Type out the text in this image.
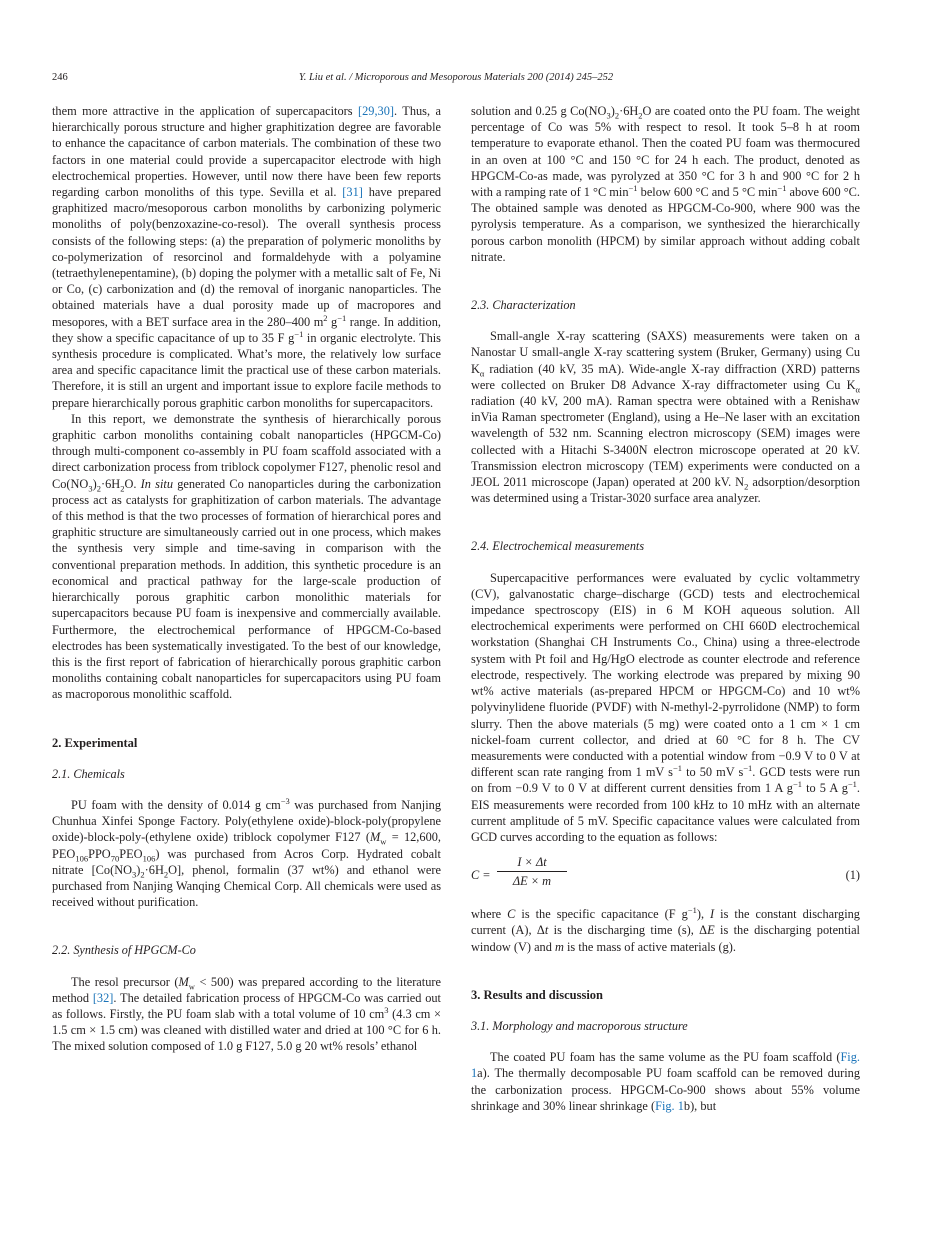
246	Y. Liu et al. / Microporous and Mesoporous Materials 200 (2014) 245–252

them more attractive in the application of supercapacitors [29,30]. Thus, a hierarchically porous structure and higher graphitization degree are favorable to enhance the capacitance of carbon materials. The combination of these two factors in one material could provide a supercapacitor electrode with high electrochemical properties. However, until now there have been few reports regarding carbon monoliths of this type. Sevilla et al. [31] have prepared graphitized macro/mesoporous carbon monoliths by carbonizing polymeric monoliths of poly(benzoxazine-co-resol). The overall synthesis process consists of the following steps: (a) the preparation of polymeric monoliths by co-polymerization of resorcinol and formaldehyde with a polyamine (tetraethylenepentamine), (b) doping the polymer with a metallic salt of Fe, Ni or Co, (c) carbonization and (d) the removal of inorganic nanoparticles. The obtained materials have a dual porosity made up of macropores and mesopores, with a BET surface area in the 280–400 $m^2$ $g^{-1}$ range. In addition, they show a specific capacitance of up to 35 F $g^{-1}$ in organic electrolyte. This synthesis procedure is complicated. What’s more, the relatively low surface area and specific capacitance limit the practical use of these carbon materials. Therefore, it is still an urgent and important issue to explore facile methods to prepare hierarchically porous graphitic carbon monoliths for supercapacitors.

In this report, we demonstrate the synthesis of hierarchically porous graphitic carbon monoliths containing cobalt nanoparticles (HPGCM-Co) through multi-component co-assembly in PU foam scaffold associated with a direct carbonization process from triblock copolymer F127, phenolic resol and $Co(NO_3)_2\cdot 6H_2O$. In situ generated Co nanoparticles during the carbonization process act as catalysts for graphitization of carbon materials. The advantage of this method is that the two processes of formation of hierarchical pores and graphitic structure are simultaneously carried out in one process, which makes the synthesis very simple and time-saving in comparison with the conventional preparation methods. In addition, this synthetic procedure is an economical and practical pathway for the large-scale production of hierarchically porous graphitic carbon monolithic materials for supercapacitors because PU foam is inexpensive and commercially available. Furthermore, the electrochemical performance of HPGCM-Co-based electrodes has been systematically investigated. To the best of our knowledge, this is the first report of fabrication of hierarchically porous graphitic carbon monoliths containing cobalt nanoparticles for supercapacitors using PU foam as macroporous monolithic scaffold.

2. Experimental

2.1. Chemicals

PU foam with the density of 0.014 g $cm^{-3}$ was purchased from Nanjing Chunhua Xinfei Sponge Factory. Poly(ethylene oxide)-block-poly(propylene oxide)-block-poly-(ethylene oxide) triblock copolymer F127 ($M_w = 12,600$, $PEO_{106}PPO_{70}PEO_{106}$) was purchased from Acros Corp. Hydrated cobalt nitrate $[Co(NO_3)_2\cdot 6H_2O]$, phenol, formalin (37 wt%) and ethanol were purchased from Nanjing Wanqing Chemical Corp. All chemicals were used as received without purification.

2.2. Synthesis of HPGCM-Co

The resol precursor $(M_w < 500)$ was prepared according to the literature method [32]. The detailed fabrication process of HPGCM-Co was carried out as follows. Firstly, the PU foam slab with a total volume of 10 $cm^3$ (4.3 cm × 1.5 cm × 1.5 cm) was cleaned with distilled water and dried at 100 °C for 6 h. The mixed solution composed of 1.0 g F127, 5.0 g 20 wt% resols’ ethanol

solution and 0.25 g $Co(NO_3)_2\cdot 6H_2O$ are coated onto the PU foam. The weight percentage of Co was 5% with respect to resol. It took 5–8 h at room temperature to evaporate ethanol. Then the coated PU foam was thermocured in an oven at 100 °C and 150 °C for 24 h each. The product, denoted as HPGCM-Co-as made, was pyrolyzed at 350 °C for 3 h and 900 °C for 2 h with a ramping rate of 1 °C $\min^{-1}$ below 600 °C and 5 °C $\min^{-1}$ above 600 °C. The obtained sample was denoted as HPGCM-Co-900, where 900 was the pyrolysis temperature. As a comparison, we synthesized the hierarchically porous carbon monolith (HPCM) by similar approach without adding cobalt nitrate.

2.3. Characterization

Small-angle X-ray scattering (SAXS) measurements were taken on a Nanostar U small-angle X-ray scattering system (Bruker, Germany) using Cu $K_\alpha$ radiation (40 kV, 35 mA). Wide-angle X-ray diffraction (XRD) patterns were collected on Bruker D8 Advance X-ray diffractometer using Cu $K_\alpha$ radiation (40 kV, 200 mA). Raman spectra were obtained with a Renishaw inVia Raman spectrometer (England), using a He–Ne laser with an excitation wavelength of 532 nm. Scanning electron microscopy (SEM) images were collected with a Hitachi S-3400N electron microscope operated at 20 kV. Transmission electron microscopy (TEM) experiments were conducted on a JEOL 2011 microscope (Japan) operated at 200 kV. $N_2$ adsorption/desorption was determined using a Tristar-3020 surface area analyzer.

2.4. Electrochemical measurements

Supercapacitive performances were evaluated by cyclic voltammetry (CV), galvanostatic charge–discharge (GCD) tests and electrochemical impedance spectroscopy (EIS) in 6 M KOH aqueous solution. All electrochemical experiments were performed on CHI 660D electrochemical workstation (Shanghai CH Instruments Co., China) using a three-electrode system with Pt foil and Hg/HgO electrode as counter electrode and reference electrode, respectively. The working electrode was prepared by mixing 90 wt% active materials (as-prepared HPCM or HPGCM-Co) and 10 wt% polyvinylidene fluoride (PVDF) with N-methyl-2-pyrrolidone (NMP) to form slurry. Then the above materials (5 mg) were coated onto a 1 cm × 1 cm nickel-foam current collector, and dried at 60 °C for 8 h. The CV measurements were conducted with a potential window from −0.9 V to 0 V at different scan rate ranging from 1 mV $s^{-1}$ to 50 mV $s^{-1}$. GCD tests were run on from −0.9 V to 0 V at different current densities from 1 A $g^{-1}$ to 5 A $g^{-1}$. EIS measurements were recorded from 100 kHz to 10 mHz with an alternate current amplitude of 5 mV. Specific capacitance values were calculated from GCD curves according to the equation as follows:

$C = \frac{I \times \Delta t}{\Delta E \times m}$	(1)

where C is the specific capacitance (F $g^{-1}$), I is the constant discharging current (A), Δt is the discharging time (s), ΔE is the discharging potential window (V) and m is the mass of active materials (g).

3. Results and discussion

3.1. Morphology and macroporous structure

The coated PU foam has the same volume as the PU foam scaffold (Fig. 1a). The thermally decomposable PU foam scaffold can be removed during the carbonization process. HPGCM-Co-900 shows about 55% volume shrinkage and 30% linear shrinkage (Fig. 1b), but
